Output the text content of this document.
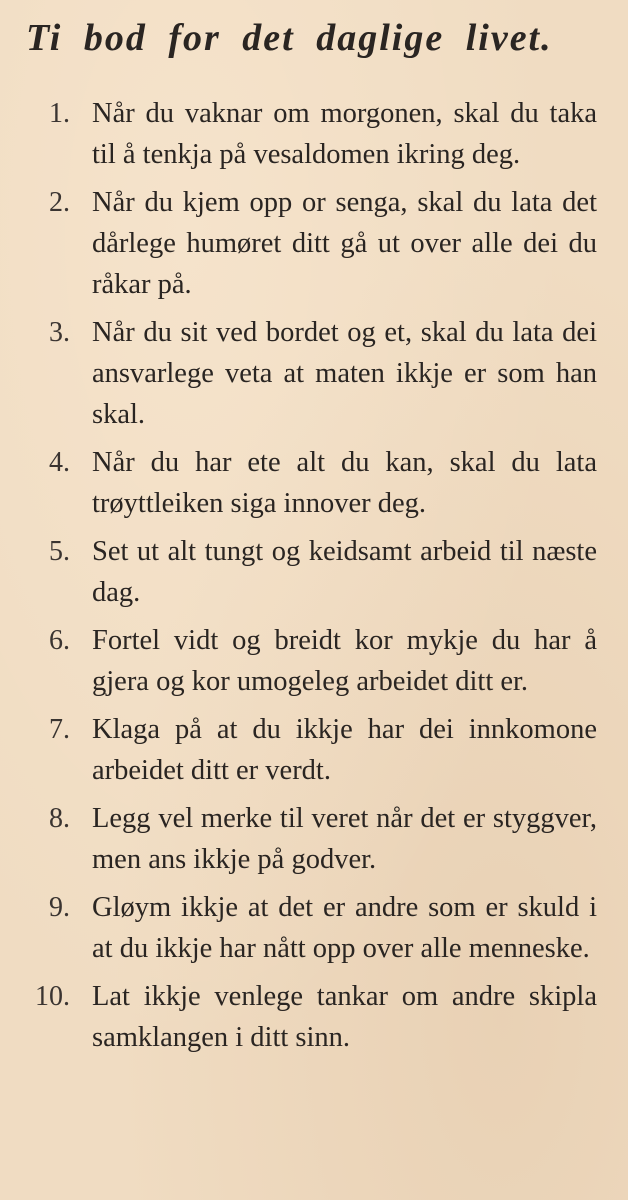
Ti bod for det daglige livet.
1. Når du vaknar om morgonen, skal du taka til å tenkja på vesaldomen ikring deg.
2. Når du kjem opp or senga, skal du lata det dårlege humøret ditt gå ut over alle dei du råkar på.
3. Når du sit ved bordet og et, skal du lata dei ansvarlege veta at maten ikkje er som han skal.
4. Når du har ete alt du kan, skal du lata trøyttleiken siga innover deg.
5. Set ut alt tungt og keidsamt arbeid til næste dag.
6. Fortel vidt og breidt kor mykje du har å gjera og kor umogeleg arbeidet ditt er.
7. Klaga på at du ikkje har dei innkomone arbeidet ditt er verdt.
8. Legg vel merke til veret når det er styggver, men ans ikkje på godver.
9. Gløym ikkje at det er andre som er skuld i at du ikkje har nått opp over alle menneske.
10. Lat ikkje venlege tankar om andre skipla samklangen i ditt sinn.
